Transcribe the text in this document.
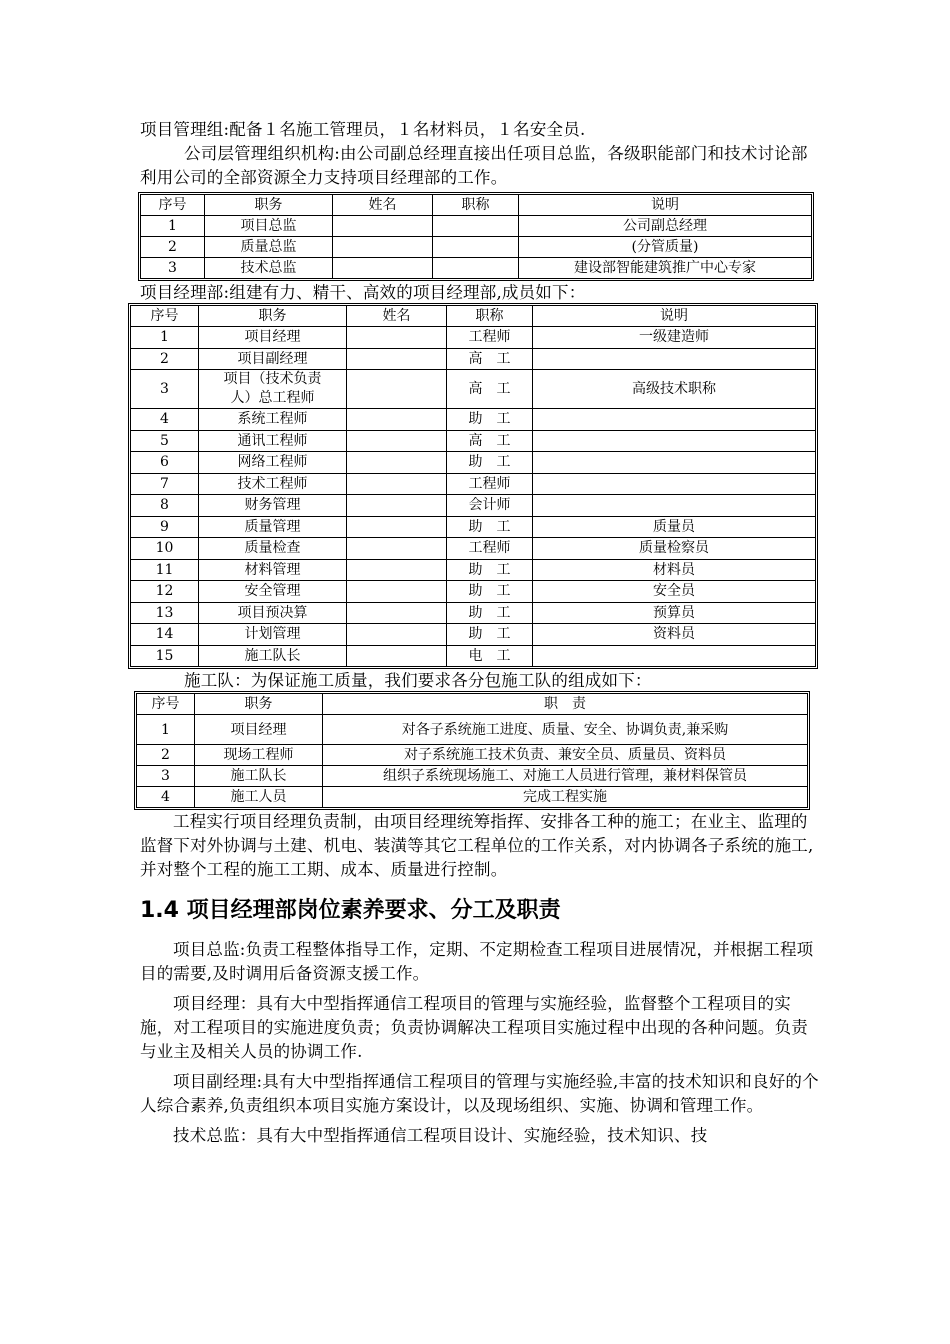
项目管理组:配备１名施工管理员，１名材料员，１名安全员.

公司层管理组织机构:由公司副总经理直接出任项目总监，各级职能部门和技术讨论部利用公司的全部资源全力支持项目经理部的工作。

序号	职务	姓名	职称	说明
1	项目总监			公司副总经理
2	质量总监			(分管质量)
3	技术总监			建设部智能建筑推广中心专家

项目经理部:组建有力、精干、高效的项目经理部,成员如下：

序号	职务	姓名	职称	说明
1	项目经理		工程师	一级建造师
2	项目副经理		高　工	
3	项目（技术负责人）总工程师		高　工	高级技术职称
4	系统工程师		助　工	
5	通讯工程师		高　工	
6	网络工程师		助　工	
7	技术工程师		工程师	
8	财务管理		会计师	
9	质量管理		助　工	质量员
10	质量检查		工程师	质量检察员
11	材料管理		助　工	材料员
12	安全管理		助　工	安全员
13	项目预决算		助　工	预算员
14	计划管理		助　工	资料员
15	施工队长		电　工	

施工队：为保证施工质量，我们要求各分包施工队的组成如下：

序号	职务	职　责
1	项目经理	对各子系统施工进度、质量、安全、协调负责,兼采购
2	现场工程师	对子系统施工技术负责、兼安全员、质量员、资料员
3	施工队长	组织子系统现场施工、对施工人员进行管理，兼材料保管员
4	施工人员	完成工程实施

工程实行项目经理负责制，由项目经理统筹指挥、安排各工种的施工；在业主、监理的监督下对外协调与土建、机电、装潢等其它工程单位的工作关系，对内协调各子系统的施工,并对整个工程的施工工期、成本、质量进行控制。

1.4 项目经理部岗位素养要求、分工及职责

项目总监:负责工程整体指导工作，定期、不定期检查工程项目进展情况，并根据工程项目的需要,及时调用后备资源支援工作。

项目经理：具有大中型指挥通信工程项目的管理与实施经验，监督整个工程项目的实施，对工程项目的实施进度负责；负责协调解决工程项目实施过程中出现的各种问题。负责与业主及相关人员的协调工作.

项目副经理:具有大中型指挥通信工程项目的管理与实施经验,丰富的技术知识和良好的个人综合素养,负责组织本项目实施方案设计，以及现场组织、实施、协调和管理工作。

技术总监：具有大中型指挥通信工程项目设计、实施经验，技术知识、技
